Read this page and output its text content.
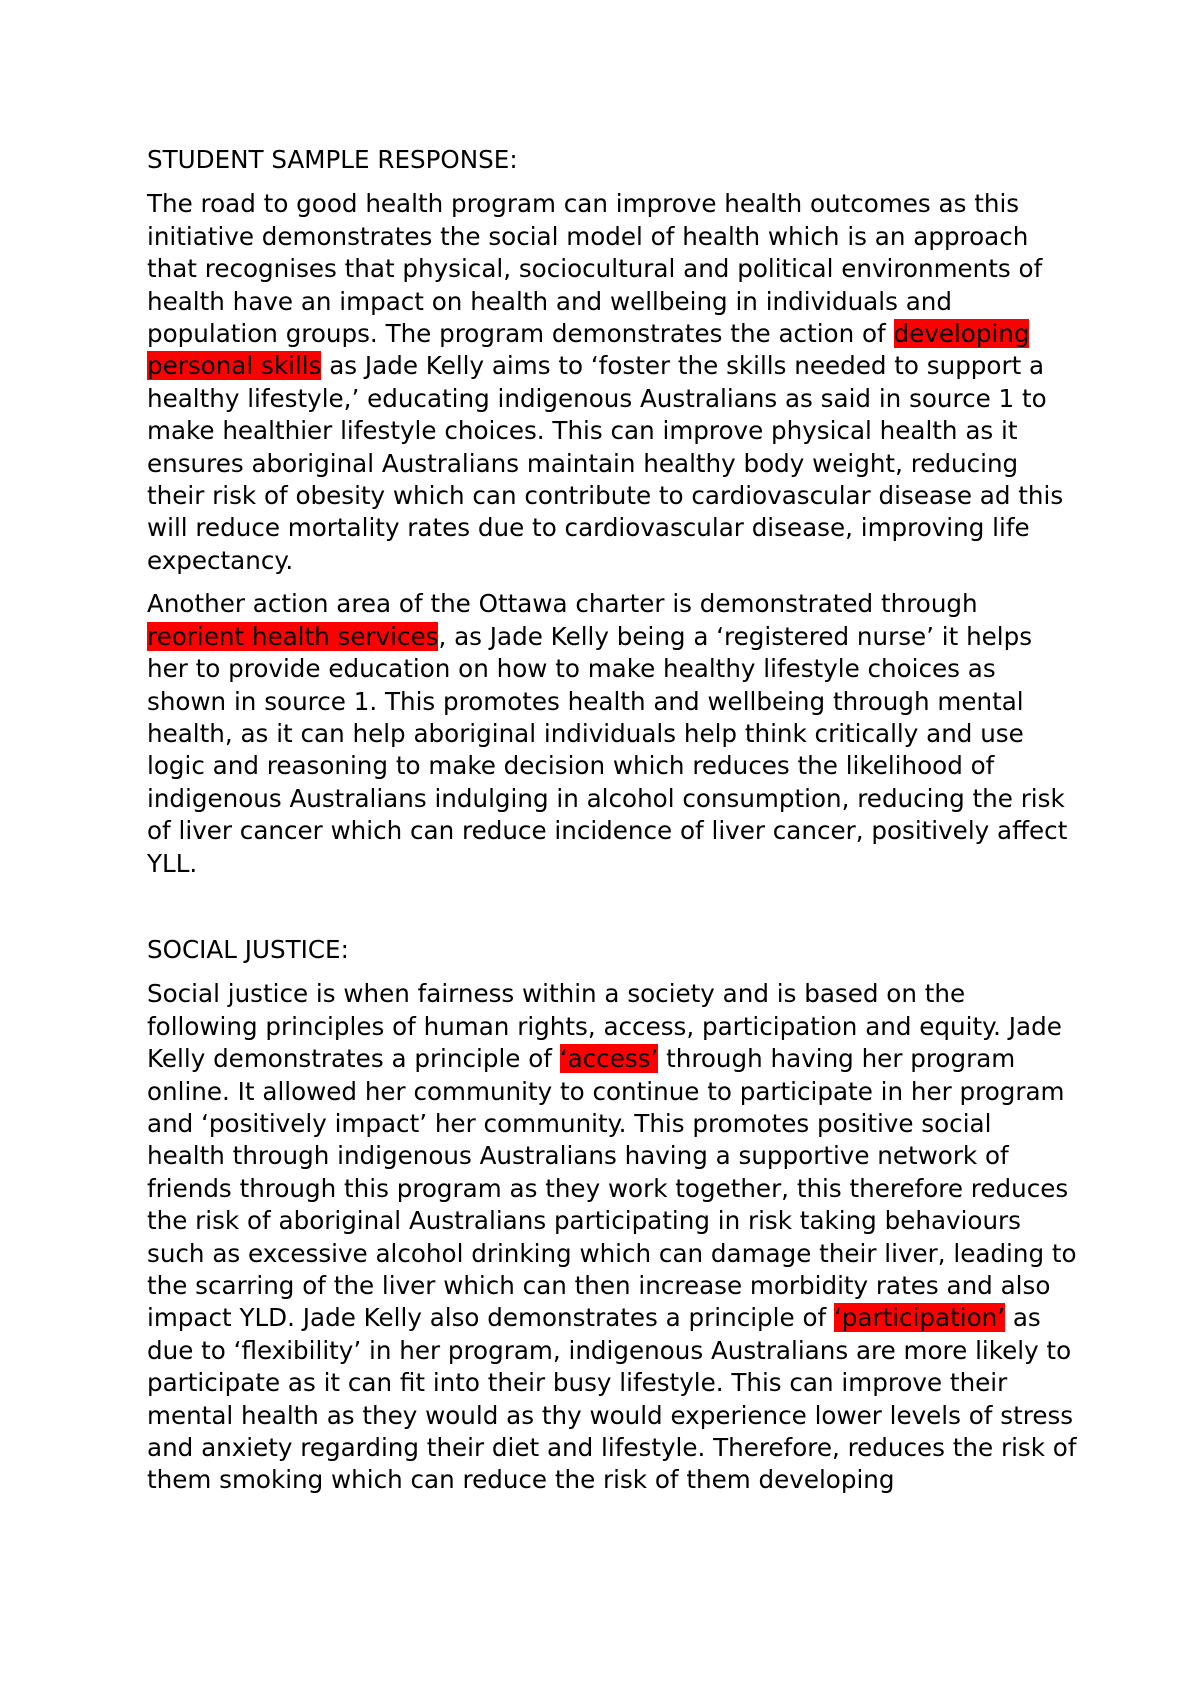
STUDENT SAMPLE RESPONSE:

The road to good health program can improve health outcomes as this initiative demonstrates the social model of health which is an approach that recognises that physical, sociocultural and political environments of health have an impact on health and wellbeing in individuals and population groups. The program demonstrates the action of developing personal skills as Jade Kelly aims to ‘foster the skills needed to support a healthy lifestyle,’ educating indigenous Australians as said in source 1 to make healthier lifestyle choices. This can improve physical health as it ensures aboriginal Australians maintain healthy body weight, reducing their risk of obesity which can contribute to cardiovascular disease ad this will reduce mortality rates due to cardiovascular disease, improving life expectancy.

Another action area of the Ottawa charter is demonstrated through reorient health services, as Jade Kelly being a ‘registered nurse’ it helps her to provide education on how to make healthy lifestyle choices as shown in source 1. This promotes health and wellbeing through mental health, as it can help aboriginal individuals help think critically and use logic and reasoning to make decision which reduces the likelihood of indigenous Australians indulging in alcohol consumption, reducing the risk of liver cancer which can reduce incidence of liver cancer, positively affect YLL.

SOCIAL JUSTICE:

Social justice is when fairness within a society and is based on the following principles of human rights, access, participation and equity. Jade Kelly demonstrates a principle of ‘access’ through having her program online. It allowed her community to continue to participate in her program and ‘positively impact’ her community. This promotes positive social health through indigenous Australians having a supportive network of friends through this program as they work together, this therefore reduces the risk of aboriginal Australians participating in risk taking behaviours such as excessive alcohol drinking which can damage their liver, leading to the scarring of the liver which can then increase morbidity rates and also impact YLD. Jade Kelly also demonstrates a principle of ‘participation’ as due to ‘flexibility’ in her program, indigenous Australians are more likely to participate as it can fit into their busy lifestyle. This can improve their mental health as they would as thy would experience lower levels of stress and anxiety regarding their diet and lifestyle. Therefore, reduces the risk of them smoking which can reduce the risk of them developing
